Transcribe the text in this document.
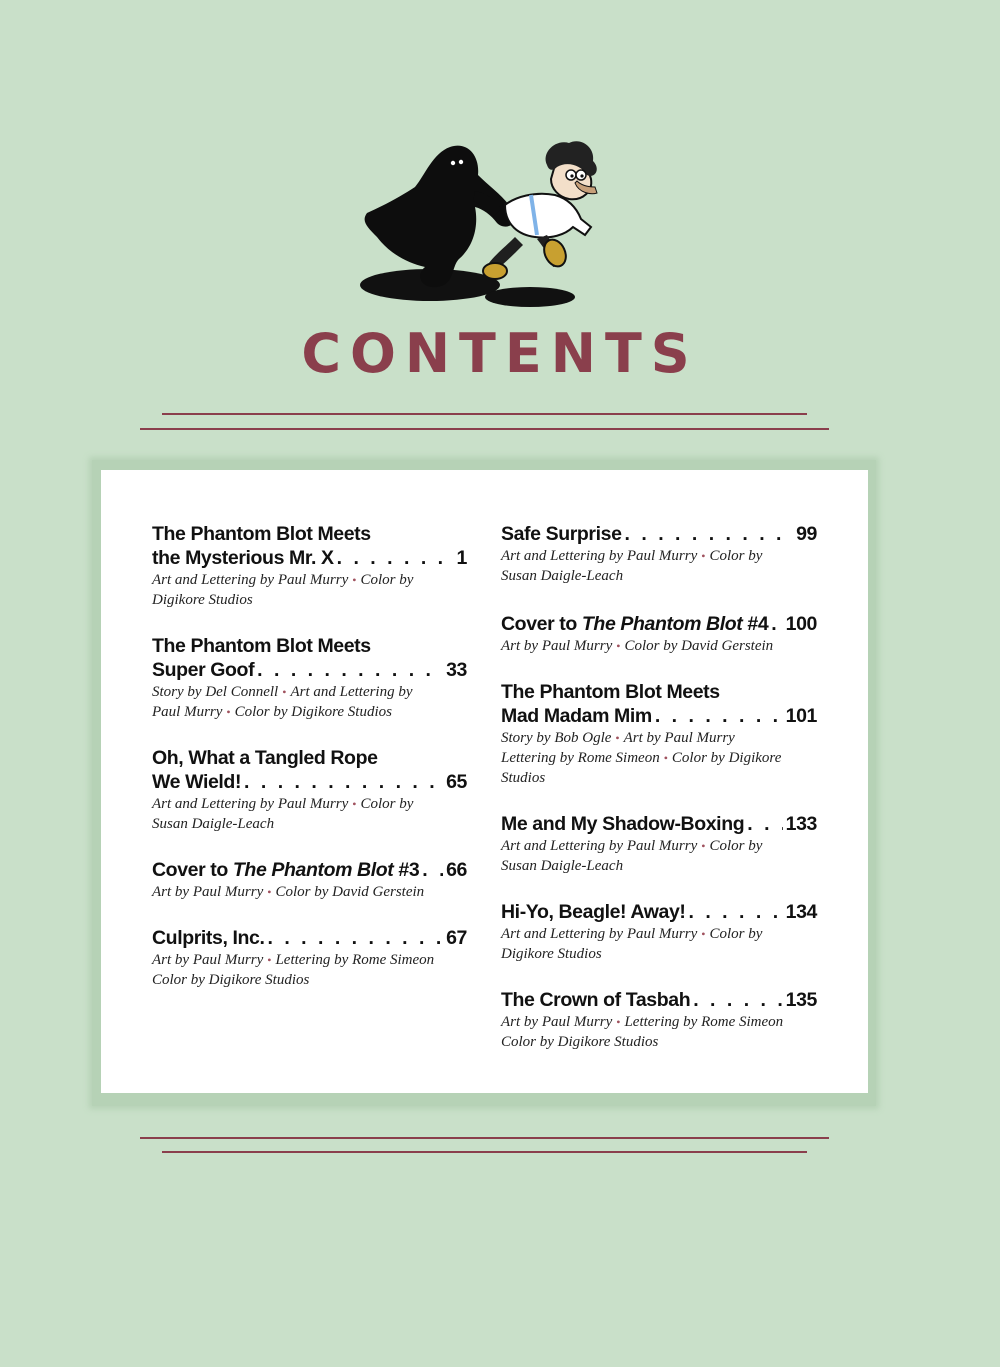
CONTENTS
The Phantom Blot Meets
the Mysterious Mr. X . . .	1
Art and Lettering by Paul Murry • Color by
Digikore Studios
The Phantom Blot Meets
Super Goof . . .	33
Story by Del Connell • Art and Lettering by
Paul Murry • Color by Digikore Studios
Oh, What a Tangled Rope
We Wield! . . .	65
Art and Lettering by Paul Murry • Color by
Susan Daigle-Leach
Cover to The Phantom Blot #3 . . . 66
Art by Paul Murry • Color by David Gerstein
Culprits, Inc. . . .	67
Art by Paul Murry • Lettering by Rome Simeon
Color by Digikore Studios
Safe Surprise . . .	99
Art and Lettering by Paul Murry • Color by
Susan Daigle-Leach
Cover to The Phantom Blot #4 . . . 100
Art by Paul Murry • Color by David Gerstein
The Phantom Blot Meets
Mad Madam Mim . . .	101
Story by Bob Ogle • Art by Paul Murry
Lettering by Rome Simeon • Color by Digikore
Studios
Me and My Shadow-Boxing . . . 133
Art and Lettering by Paul Murry • Color by
Susan Daigle-Leach
Hi-Yo, Beagle! Away! . . .	134
Art and Lettering by Paul Murry • Color by
Digikore Studios
The Crown of Tasbah . . .	135
Art by Paul Murry • Lettering by Rome Simeon
Color by Digikore Studios
